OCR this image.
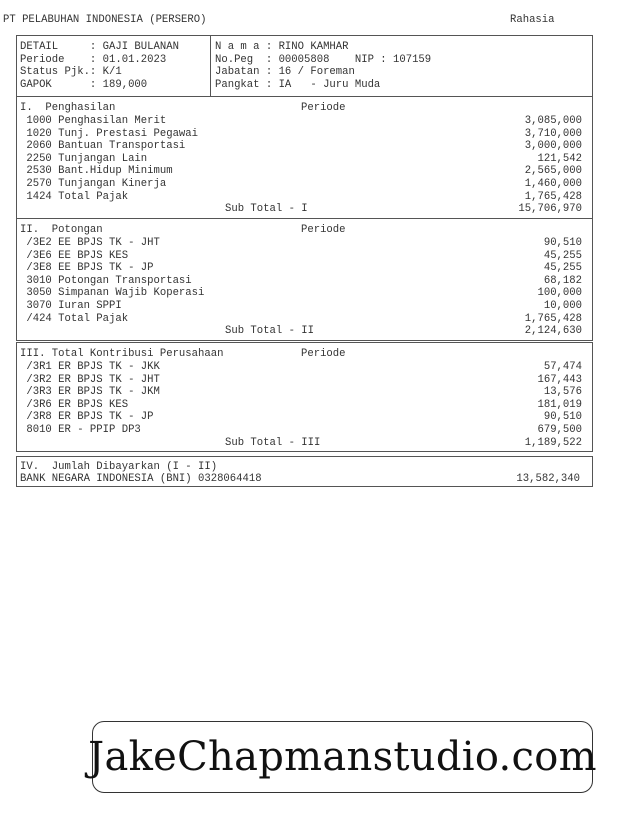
PT PELABUHAN INDONESIA (PERSERO)	Rahasia
DETAIL     : GAJI BULANAN
Periode    : 01.01.2023
Status Pjk.: K/1
GAPOK      : 189,000
N a m a : RINO KAMHAR
No.Peg  : 00005808    NIP : 107159
Jabatan : 16 / Foreman
Pangkat : IA   - Juru Muda
I.  Penghasilan	Periode
1000 Penghasilan Merit	3,085,000
1020 Tunj. Prestasi Pegawai	3,710,000
2060 Bantuan Transportasi	3,000,000
2250 Tunjangan Lain	121,542
2530 Bant.Hidup Minimum	2,565,000
2570 Tunjangan Kinerja	1,460,000
1424 Total Pajak	1,765,428
Sub Total - I	15,706,970
II.  Potongan	Periode
/3E2 EE BPJS TK - JHT	90,510
/3E6 EE BPJS KES	45,255
/3E8 EE BPJS TK - JP	45,255
3010 Potongan Transportasi	68,182
3050 Simpanan Wajib Koperasi	100,000
3070 Iuran SPPI	10,000
/424 Total Pajak	1,765,428
Sub Total - II	2,124,630
III. Total Kontribusi Perusahaan	Periode
/3R1 ER BPJS TK - JKK	57,474
/3R2 ER BPJS TK - JHT	167,443
/3R3 ER BPJS TK - JKM	13,576
/3R6 ER BPJS KES	181,019
/3R8 ER BPJS TK - JP	90,510
8010 ER - PPIP DP3	679,500
Sub Total - III	1,189,522
IV.  Jumlah Dibayarkan (I - II)
BANK NEGARA INDONESIA (BNI) 0328064418	13,582,340
JakeChapmanstudio.com
